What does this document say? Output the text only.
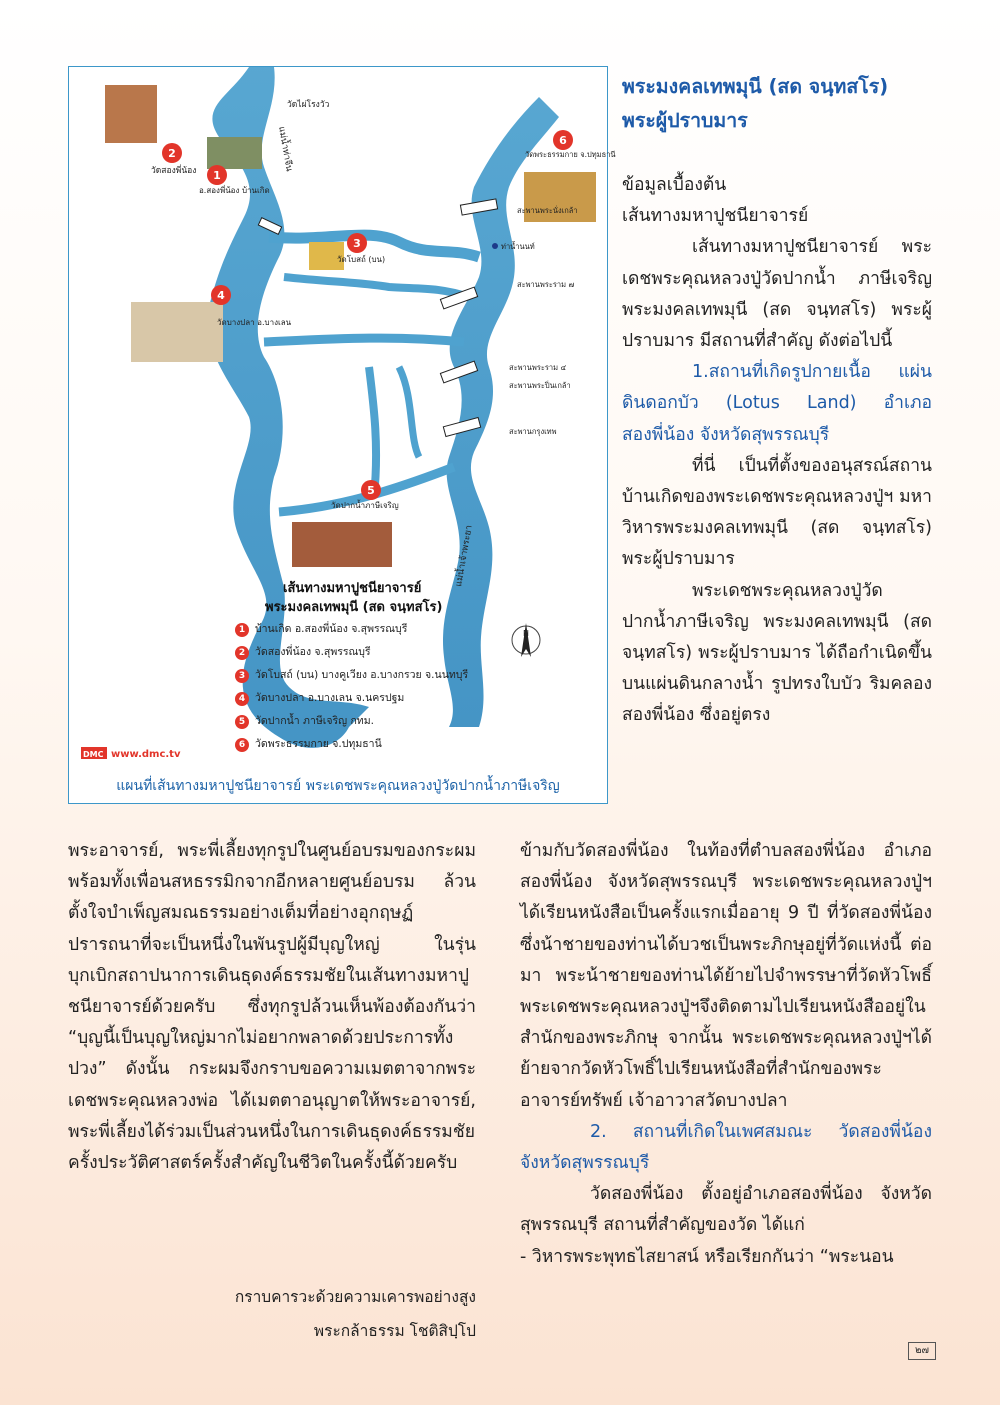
1
2
3
4
5
6
วัดสองพี่น้อง
อ.สองพี่น้อง บ้านเกิด
วัดไผ่โรงวัว
วัดบางปลา อ.บางเลน
วัดโบสถ์ (บน)
วัดพระธรรมกาย จ.ปทุมธานี
วัดปากน้ำภาษีเจริญ
สะพานพระราม ๗
สะพานพระนั่งเกล้า
สะพานพระราม ๔
สะพานพระปิ่นเกล้า
สะพานกรุงเทพ
ท่าน้ำนนท์
แม่น้ำเจ้าพระยา
แม่น้ำท่าจีน
N
เส้นทางมหาปูชนียาจารย์
พระมงคลเทพมุนี (สด จนฺทสโร)
DMC www.dmc.tv
1 บ้านเกิด อ.สองพี่น้อง จ.สุพรรณบุรี
2 วัดสองพี่น้อง จ.สุพรรณบุรี
3 วัดโบสถ์ (บน) บางคูเวียง อ.บางกรวย จ.นนทบุรี
4 วัดบางปลา อ.บางเลน จ.นครปฐม
5 วัดปากน้ำ ภาษีเจริญ กทม.
6 วัดพระธรรมกาย จ.ปทุมธานี
แผนที่เส้นทางมหาปูชนียาจารย์ พระเดชพระคุณหลวงปู่วัดปากน้ำภาษีเจริญ
พระมงคลเทพมุนี (สด จนฺทสโร)
พระผู้ปราบมาร

ข้อมูลเบื้องต้น

เส้นทางมหาปูชนียาจารย์

เส้นทางมหาปูชนียาจารย์ พระเดชพระคุณหลวงปู่วัดปากน้ำ ภาษีเจริญ พระมงคลเทพมุนี (สด จนฺทสโร) พระผู้ปราบมาร มีสถานที่สำคัญ ดังต่อไปนี้

1.สถานที่เกิดรูปกายเนื้อ แผ่นดินดอกบัว (Lotus Land) อำเภอสองพี่น้อง จังหวัดสุพรรณบุรี

ที่นี่ เป็นที่ตั้งของอนุสรณ์สถานบ้านเกิดของพระเดชพระคุณหลวงปู่ฯ มหาวิหารพระมงคลเทพมุนี (สด จนฺทสโร) พระผู้ปราบมาร

พระเดชพระคุณหลวงปู่วัดปากน้ำภาษีเจริญ พระมงคลเทพมุนี (สด จนฺทสโร) พระผู้ปราบมาร ได้ถือกำเนิดขึ้นบนแผ่นดินกลางน้ำ รูปทรงใบบัว ริมคลองสองพี่น้อง ซึ่งอยู่ตรง

พระอาจารย์, พระพี่เลี้ยงทุกรูปในศูนย์อบรมของกระผม พร้อมทั้งเพื่อนสหธรรมิกจากอีกหลายศูนย์อบรม ล้วนตั้งใจบำเพ็ญสมณธรรมอย่างเต็มที่อย่างอุกฤษฏ์ ปรารถนาที่จะเป็นหนึ่งในพันรูปผู้มีบุญใหญ่ ในรุ่นบุกเบิกสถาปนาการเดินธุดงค์ธรรมชัยในเส้นทางมหาปูชนียาจารย์ด้วยครับ ซึ่งทุกรูปล้วนเห็นพ้องต้องกันว่า “บุญนี้เป็นบุญใหญ่มากไม่อยากพลาดด้วยประการทั้งปวง” ดังนั้น กระผมจึงกราบขอความเมตตาจากพระเดชพระคุณหลวงพ่อ ได้เมตตาอนุญาตให้พระอาจารย์, พระพี่เลี้ยงได้ร่วมเป็นส่วนหนึ่งในการเดินธุดงค์ธรรมชัยครั้งประวัติศาสตร์ครั้งสำคัญในชีวิตในครั้งนี้ด้วยครับ

กราบคารวะด้วยความเคารพอย่างสูง
พระกล้าธรรม โชติสิปฺโป

ข้ามกับวัดสองพี่น้อง ในท้องที่ตำบลสองพี่น้อง อำเภอสองพี่น้อง จังหวัดสุพรรณบุรี พระเดชพระคุณหลวงปู่ฯ ได้เรียนหนังสือเป็นครั้งแรกเมื่ออายุ 9 ปี ที่วัดสองพี่น้อง ซึ่งน้าชายของท่านได้บวชเป็นพระภิกษุอยู่ที่วัดแห่งนี้ ต่อมา พระน้าชายของท่านได้ย้ายไปจำพรรษาที่วัดหัวโพธิ์ พระเดชพระคุณหลวงปู่ฯจึงติดตามไปเรียนหนังสืออยู่ในสำนักของพระภิกษุ จากนั้น พระเดชพระคุณหลวงปู่ฯได้ย้ายจากวัดหัวโพธิ์ไปเรียนหนังสือที่สำนักของพระอาจารย์ทรัพย์ เจ้าอาวาสวัดบางปลา

2. สถานที่เกิดในเพศสมณะ วัดสองพี่น้อง จังหวัดสุพรรณบุรี

วัดสองพี่น้อง ตั้งอยู่อำเภอสองพี่น้อง จังหวัดสุพรรณบุรี สถานที่สำคัญของวัด ได้แก่

- วิหารพระพุทธไสยาสน์ หรือเรียกกันว่า “พระนอน

๒๗
